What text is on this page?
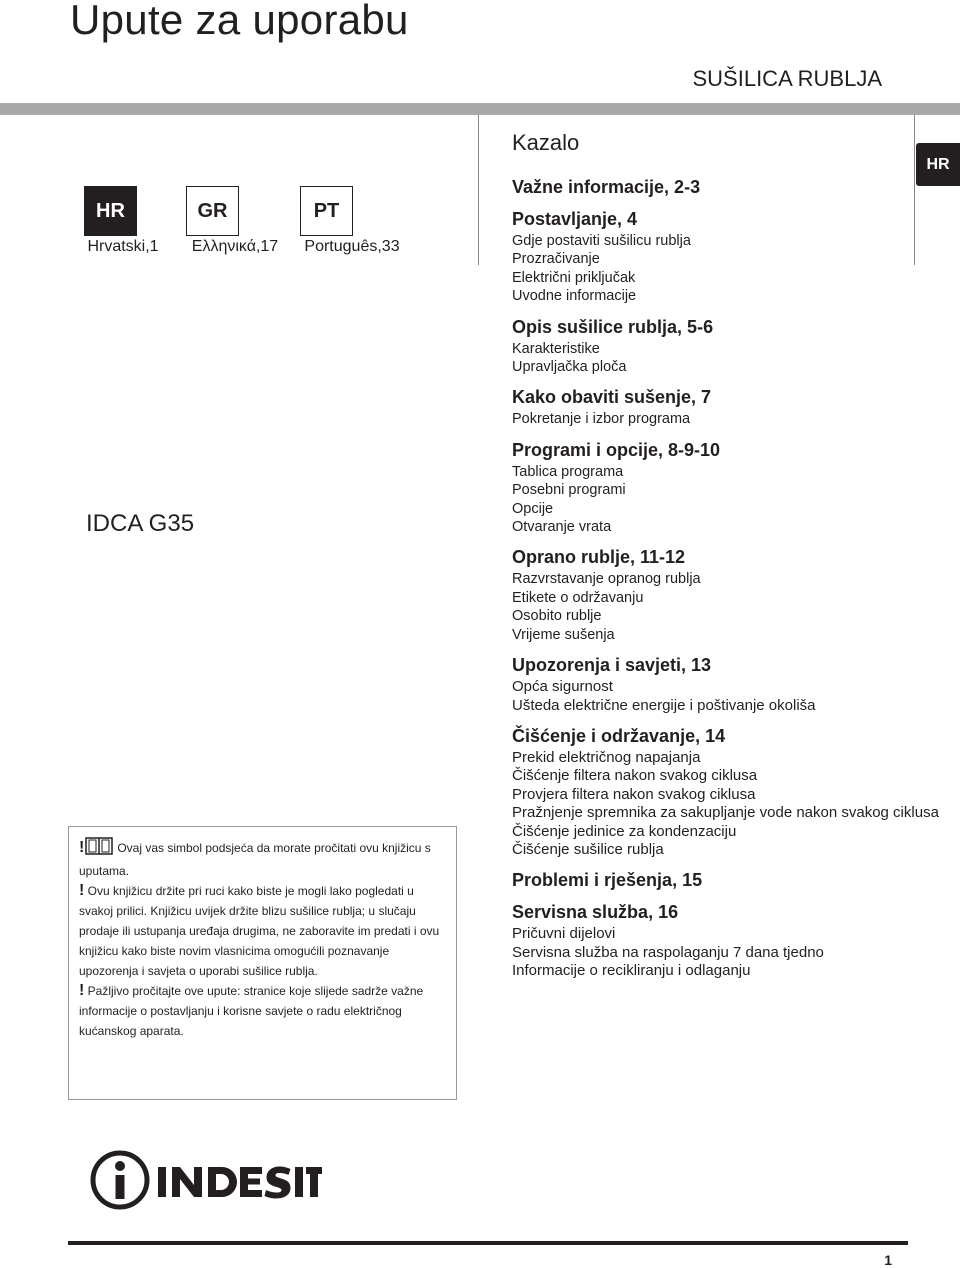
Upute za uporabu
SUŠILICA RUBLJA
HR	GR	PT
Hrvatski,1	Ελληνικά,17	Português,33
HR
IDCA G35
Kazalo
Važne informacije, 2-3
Postavljanje, 4
Gdje postaviti sušilicu rublja
Prozračivanje
Električni priključak
Uvodne informacije
Opis sušilice rublja, 5-6
Karakteristike
Upravljačka ploča
Kako obaviti sušenje, 7
Pokretanje i izbor programa
Programi i opcije, 8-9-10
Tablica programa
Posebni programi
Opcije
Otvaranje vrata
Oprano rublje, 11-12
Razvrstavanje opranog rublja
Etikete o održavanju
Osobito rublje
Vrijeme sušenja
Upozorenja i savjeti, 13
Opća sigurnost
Ušteda električne energije i poštivanje okoliša
Čišćenje i održavanje, 14
Prekid električnog napajanja
Čišćenje filtera nakon svakog ciklusa
Provjera filtera nakon svakog ciklusa
Pražnjenje spremnika za sakupljanje vode nakon svakog ciklusa
Čišćenje jedinice za kondenzaciju
Čišćenje sušilice rublja
Problemi i rješenja, 15
Servisna služba, 16
Pričuvni dijelovi
Servisna služba na raspolaganju 7 dana tjedno
Informacije o recikliranju i odlaganju

!	Ovaj vas simbol podsjeća da morate pročitati ovu knjižicu s uputama.

! Ovu knjižicu držite pri ruci kako biste je mogli lako pogledati u svakoj prilici. Knjižicu uvijek držite blizu sušilice rublja; u slučaju prodaje ili ustupanja uređaja drugima, ne zaboravite im predati i ovu knjižicu kako biste novim vlasnicima omogućili poznavanje upozorenja i savjeta o uporabi sušilice rublja.

! Pažljivo pročitajte ove upute: stranice koje slijede sadrže važne informacije o postavljanju i korisne savjete o radu električnog kućanskog aparata.

1
